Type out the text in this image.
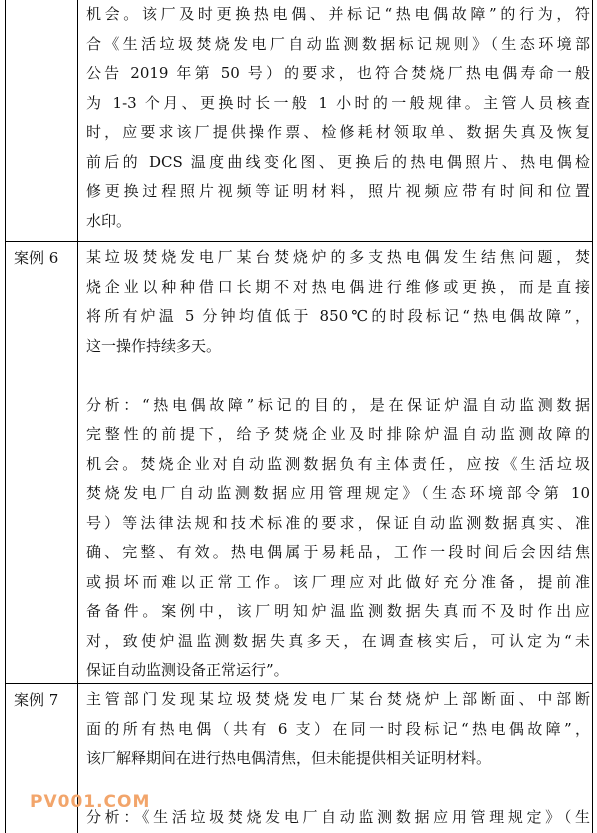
机会。该厂及时更换热电偶、并标记“热电偶故障”的行为，符
合《生活垃圾焚烧发电厂自动监测数据标记规则》（生态环境部
公告 2019 年第 50 号）的要求，也符合焚烧厂热电偶寿命一般
为 1-3 个月、更换时长一般 1 小时的一般规律。主管人员核查
时，应要求该厂提供操作票、检修耗材领取单、数据失真及恢复
前后的 DCS 温度曲线变化图、更换后的热电偶照片、热电偶检
修更换过程照片视频等证明材料，照片视频应带有时间和位置
水印。
案例 6 某垃圾焚烧发电厂某台焚烧炉的多支热电偶发生结焦问题，焚
烧企业以种种借口长期不对热电偶进行维修或更换，而是直接
将所有炉温 5 分钟均值低于 850℃的时段标记“热电偶故障”，
这一操作持续多天。
分析：“热电偶故障”标记的目的，是在保证炉温自动监测数据
完整性的前提下，给予焚烧企业及时排除炉温自动监测故障的
机会。焚烧企业对自动监测数据负有主体责任，应按《生活垃圾
焚烧发电厂自动监测数据应用管理规定》（生态环境部令第 10
号）等法律法规和技术标准的要求，保证自动监测数据真实、准
确、完整、有效。热电偶属于易耗品，工作一段时间后会因结焦
或损坏而难以正常工作。该厂理应对此做好充分准备，提前准
备备件。案例中，该厂明知炉温监测数据失真而不及时作出应
对，致使炉温监测数据失真多天，在调查核实后，可认定为“未
保证自动监测设备正常运行”。
案例 7 主管部门发现某垃圾焚烧发电厂某台焚烧炉上部断面、中部断
面的所有热电偶（共有 6 支）在同一时段标记“热电偶故障”，
该厂解释期间在进行热电偶清焦，但未能提供相关证明材料。
分析：《生活垃圾焚烧发电厂自动监测数据应用管理规定》（生
PV001.COM
